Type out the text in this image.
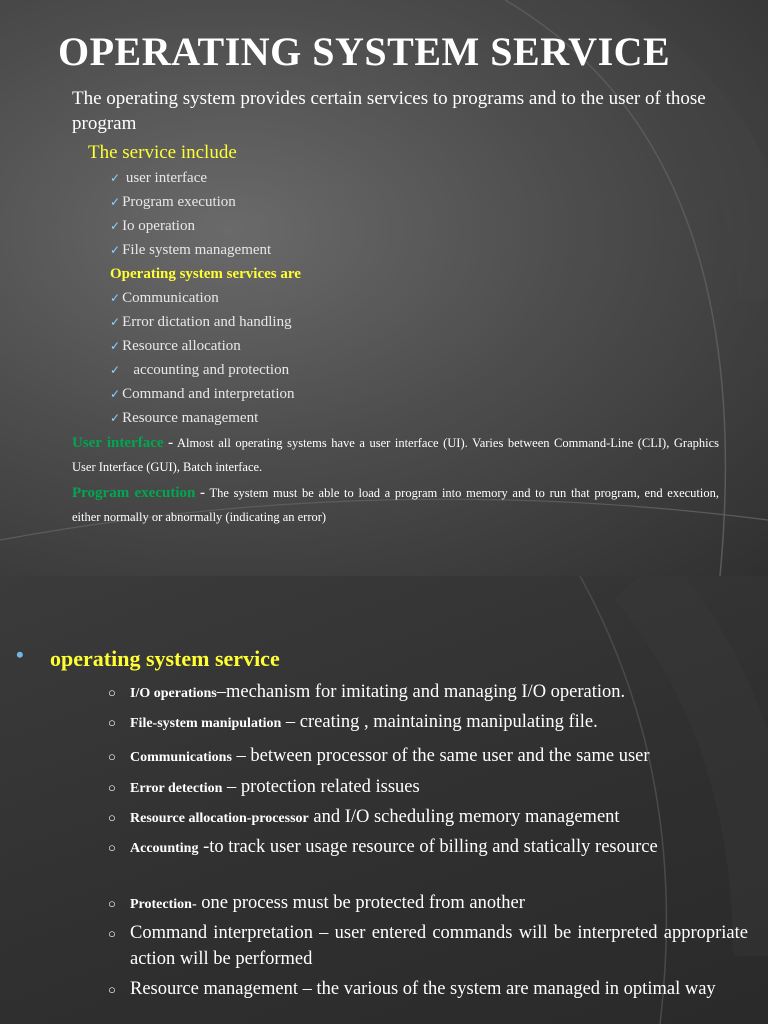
OPERATING SYSTEM SERVICE
The operating system provides certain services to programs and to the user of those program
The service include
✓ user interface
✓ Program execution
✓ Io operation
✓ File system management
Operating system services are
✓ Communication
✓ Error dictation and handling
✓ Resource allocation
✓ accounting and protection
✓ Command and interpretation
✓ Resource management
User interface - Almost all operating systems have a user interface (UI). Varies between Command-Line (CLI), Graphics User Interface (GUI), Batch interface.
Program execution - The system must be able to load a program into memory and to run that program, end execution, either normally or abnormally (indicating an error)
• operating system service
○ I/O operations–mechanism for imitating and managing I/O operation.
○ File-system manipulation – creating , maintaining manipulating file.
○ Communications – between processor of the same user and the same user
○ Error detection – protection related issues
○ Resource allocation-processor and I/O scheduling memory management
○ Accounting -to track user usage resource of billing and statically resource
○ Protection- one process must be protected from another
○ Command interpretation – user entered commands will be interpreted appropriate action will be performed
○ Resource management – the various of the system are managed in optimal way
